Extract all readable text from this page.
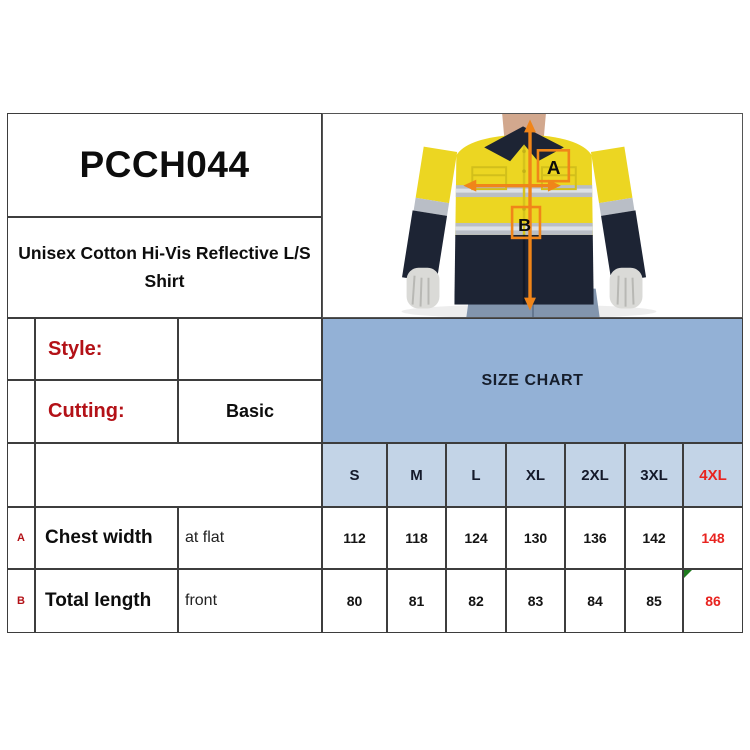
PCCH044
Unisex Cotton Hi-Vis Reflective L/S
Shirt
A
B
Style:
Cutting:	Basic
SIZE CHART
S	M	L	XL	2XL	3XL	4XL
A	Chest width	at flat	112	118	124	130	136	142	148
B	Total length	front	80	81	82	83	84	85	86
